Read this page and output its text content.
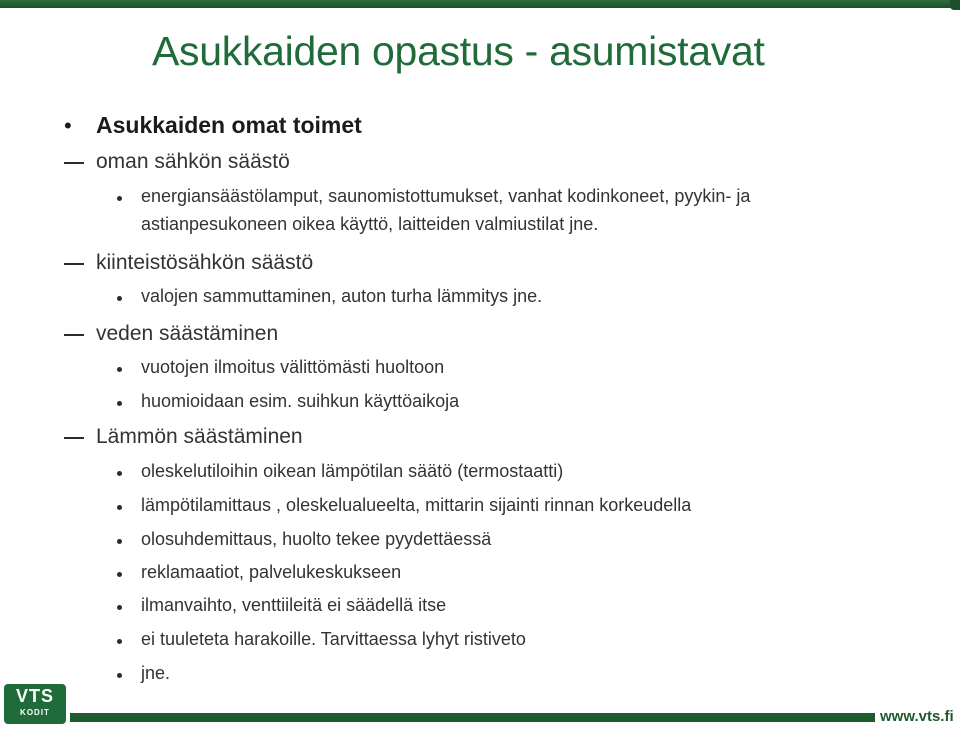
Asukkaiden opastus - asumistavat
• Asukkaiden omat toimet
oman sähkön säästö
energiansäästölamput, saunomistottumukset, vanhat kodinkoneet, pyykin- ja
astianpesukoneen oikea käyttö, laitteiden valmiustilat jne.
kiinteistösähkön säästö
valojen sammuttaminen, auton turha lämmitys jne.
veden säästäminen
vuotojen ilmoitus välittömästi huoltoon
huomioidaan esim. suihkun käyttöaikoja
Lämmön säästäminen
oleskelutiloihin oikean lämpötilan säätö (termostaatti)
lämpötilamittaus , oleskelualueelta, mittarin sijainti rinnan korkeudella
olosuhdemittaus, huolto tekee pyydettäessä
reklamaatiot, palvelukeskukseen
ilmanvaihto, venttiileitä ei säädellä itse
ei tuuleteta harakoille. Tarvittaessa lyhyt ristiveto
jne.
VTS
KODIT	www.vts.fi
